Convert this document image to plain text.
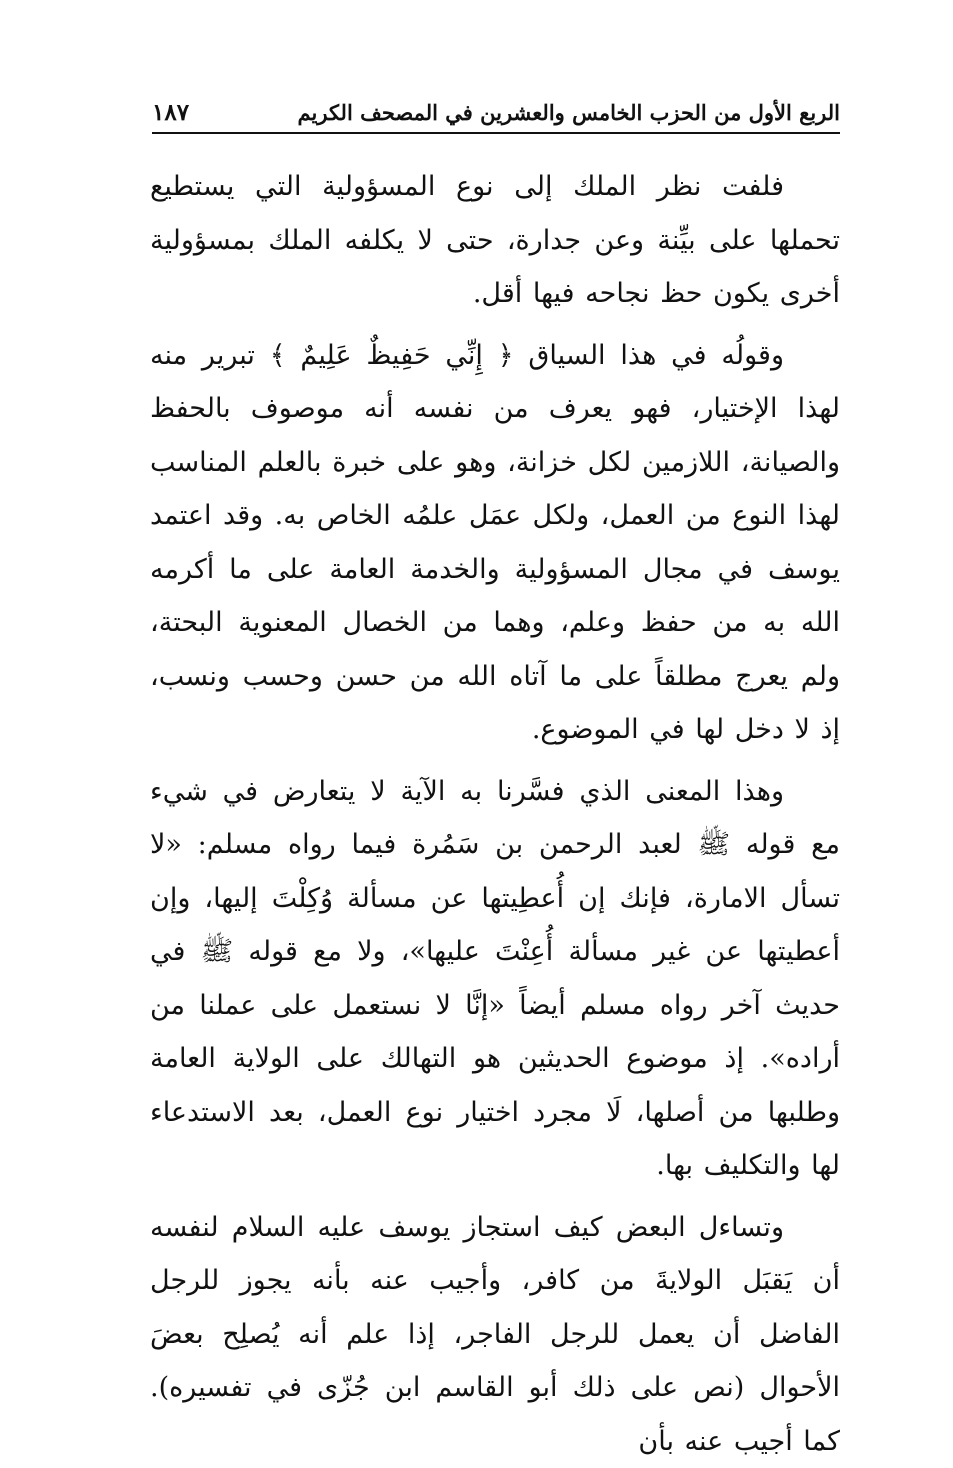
الربع الأول من الحزب الخامس والعشرين في المصحف الكريم
١٨٧

فلفت نظر الملك إلى نوع المسؤولية التي يستطيع تحملها على بيِّنة وعن جدارة، حتى لا يكلفه الملك بمسؤولية أخرى يكون حظ نجاحه فيها أقل.

وقولُه في هذا السياق ﴿ إِنِّي حَفِيظٌ عَلِيمٌ ﴾ تبرير منه لهذا الإختيار، فهو يعرف من نفسه أنه موصوف بالحفظ والصيانة، اللازمين لكل خزانة، وهو على خبرة بالعلم المناسب لهذا النوع من العمل، ولكل عمَل علمُه الخاص به. وقد اعتمد يوسف في مجال المسؤولية والخدمة العامة على ما أكرمه الله به من حفظ وعلم، وهما من الخصال المعنوية البحتة، ولم يعرج مطلقاً على ما آتاه الله من حسن وحسب ونسب، إذ لا دخل لها في الموضوع.

وهذا المعنى الذي فسَّرنا به الآية لا يتعارض في شيء مع قوله ﷺ لعبد الرحمن بن سَمُرة فيما رواه مسلم: «لا تسأل الامارة، فإنك إن أُعطِيتها عن مسألة وُكِلْتَ إليها، وإن أعطيتها عن غير مسألة أُعِنْتَ عليها»، ولا مع قوله ﷺ في حديث آخر رواه مسلم أيضاً «إنَّا لا نستعمل على عملنا من أراده». إذ موضوع الحديثين هو التهالك على الولاية العامة وطلبها من أصلها، لَا مجرد اختيار نوع العمل، بعد الاستدعاء لها والتكليف بها.

وتساءل البعض كيف استجاز يوسف عليه السلام لنفسه أن يَقبَل الولايةَ من كافر، وأجيب عنه بأنه يجوز للرجل الفاضل أن يعمل للرجل الفاجر، إذا علم أنه يُصلِح بعضَ الأحوال (نص على ذلك أبو القاسم ابن جُزّى في تفسيره). كما أجيب عنه بأن
